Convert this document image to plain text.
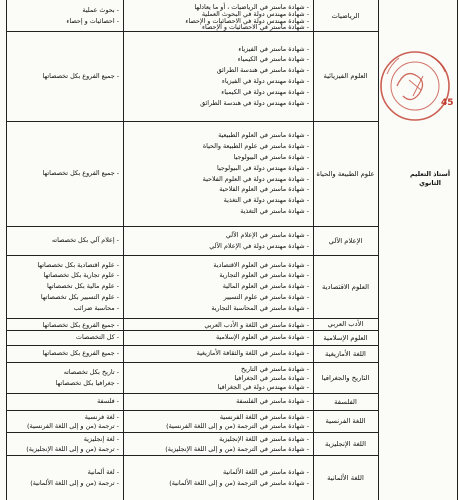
أستاذ التعليم
الثانوي
45
الرياضيات
- شهادة ماستر في الرياضيات ، أو ما يعادلها
- شهادة مهندس دولة في البحوث العملية
- شهادة مهندس دولة في الاحصائيات و الإحصاء
- شهادة ماستر في الاحصائيات و الإحصاء
- بحوث عملية
- احصائيات و إحصاء
العلوم الفيزيائية
- شهادة ماستر في الفيزياء
- شهادة ماستر في الكيمياء
- شهادة ماستر في هندسة الطرائق
- شهادة مهندس دولة في الفيزياء
- شهادة مهندس دولة في الكيمياء
- شهادة مهندس دولة في هندسة الطرائق
- جميع الفروع بكل تخصصاتها
علوم الطبيعة والحياة
- شهادة ماستر في العلوم الطبيعية
- شهادة ماستر في علوم الطبيعة والحياة
- شهادة ماستر في البيولوجيا
- شهادة مهندس دولة في البيولوجيا
- شهادة مهندس دولة في العلوم الفلاحية
- شهادة ماستر في العلوم الفلاحية
- شهادة مهندس دولة في التغذية
- شهادة ماستر في التغذية
- جميع الفروع بكل تخصصاتها
الإعلام الآلي
- شهادة ماستر في الإعلام الآلي
- شهادة مهندس دولة في الإعلام الآلي
- إعلام آلي بكل تخصصاته
العلوم الاقتصادية
- شهادة ماستر في العلوم الاقتصادية
- شهادة ماستر في العلوم التجارية
- شهادة ماستر في العلوم المالية
- شهادة ماستر في علوم التسيير
- شهادة ماستر في المحاسبة التجارية
- علوم اقتصادية بكل تخصصاتها
- علوم تجارية بكل تخصصاتها
- علوم مالية بكل تخصصاتها
- علوم التسيير بكل تخصصاتها
- محاسبة ضرائب
الأدب العربي
- شهادة ماستر في اللغة و الأدب العربي
- جميع الفروع بكل تخصصاتها
العلوم الإسلامية
- شهادة ماستر في العلوم الإسلامية
- كل التخصصات
اللغة الأمازيغية
- شهادة ماستر في اللغة والثقافة الأمازيغية
- جميع الفروع بكل تخصصاتها
التاريخ والجغرافيا
- شهادة ماستر في التاريخ
- شهادة ماستر في الجغرافيا
- شهادة مهندس دولة في الجغرافيا
- تاريخ بكل تخصصاته
- جغرافيا بكل تخصصاتها
الفلسفة
- شهادة ماستر في الفلسفة
- فلسفة
اللغة الفرنسية
- شهادة ماستر في اللغة الفرنسية
- شهادة ماستر في الترجمة (من و إلى اللغة الفرنسية)
- لغة فرنسية
- ترجمة (من و إلى اللغة الفرنسية)
اللغة الإنجليزية
- شهادة ماستر في اللغة الإنجليزية
- شهادة ماستر في الترجمة (من و إلى اللغة الإنجليزية)
- لغة إنجليزية
- ترجمة (من و إلى اللغة الإنجليزية)
اللغة الألمانية
- شهادة ماستر في اللغة الألمانية
- شهادة ماستر في الترجمة (من و إلى اللغة الألمانية)
- لغة ألمانية
- ترجمة (من و إلى اللغة الألمانية)
